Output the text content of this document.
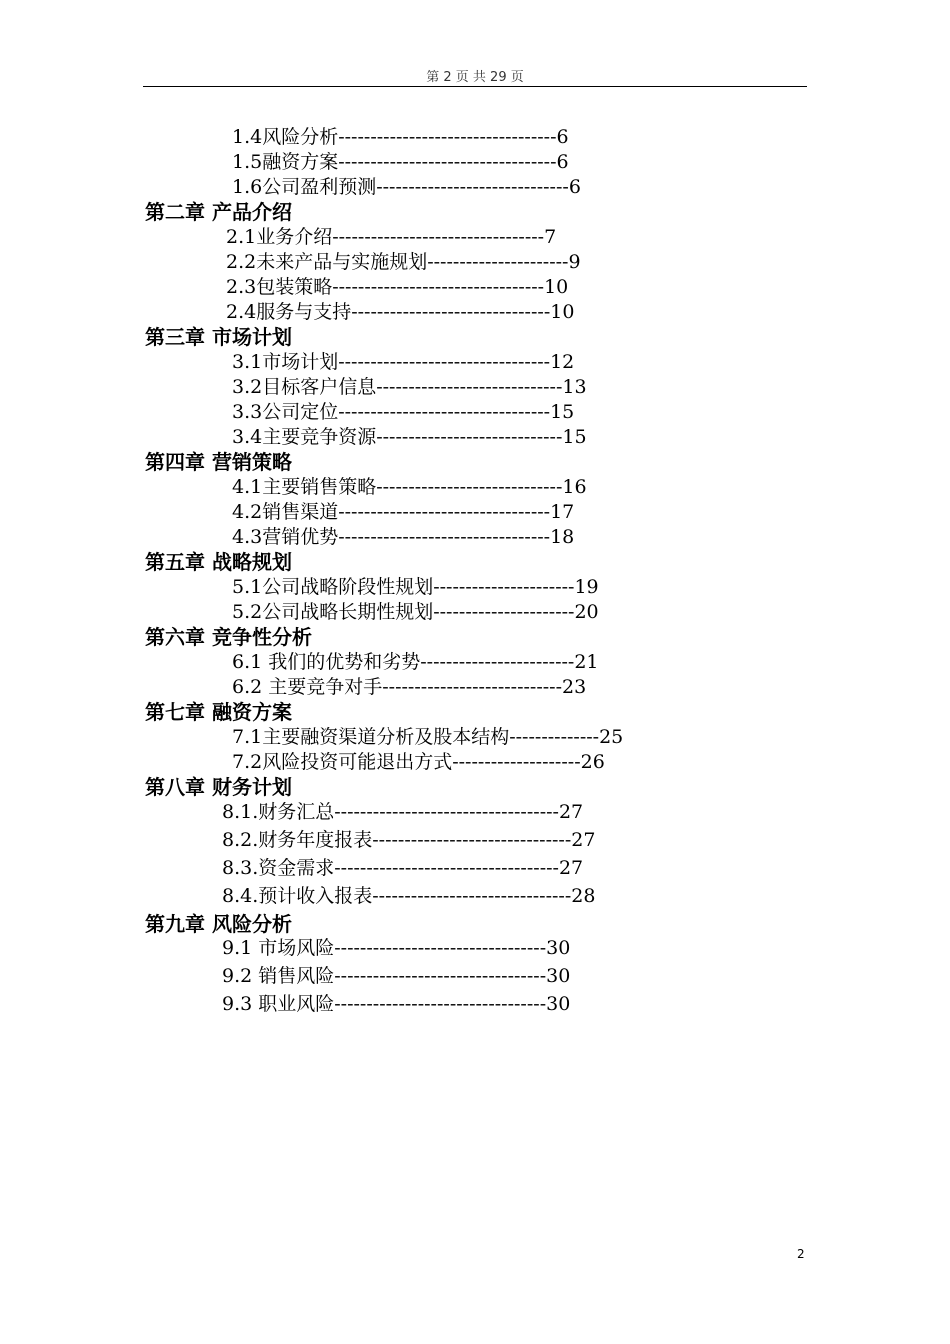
第 2 页 共 29 页
1.4风险分析----------------------------------6
1.5融资方案----------------------------------6
1.6公司盈利预测------------------------------6
第二章 产品介绍
2.1业务介绍---------------------------------7
2.2未来产品与实施规划----------------------9
2.3包装策略---------------------------------10
2.4服务与支持-------------------------------10
第三章 市场计划
3.1市场计划---------------------------------12
3.2目标客户信息-----------------------------13
3.3公司定位---------------------------------15
3.4主要竞争资源-----------------------------15
第四章 营销策略
4.1主要销售策略-----------------------------16
4.2销售渠道---------------------------------17
4.3营销优势---------------------------------18
第五章 战略规划
5.1公司战略阶段性规划----------------------19
5.2公司战略长期性规划----------------------20
第六章 竞争性分析
6.1 我们的优势和劣势------------------------21
6.2 主要竞争对手----------------------------23
第七章 融资方案
7.1主要融资渠道分析及股本结构--------------25
7.2风险投资可能退出方式--------------------26
第八章 财务计划
8.1.财务汇总-----------------------------------27
8.2.财务年度报表-------------------------------27
8.3.资金需求-----------------------------------27
8.4.预计收入报表-------------------------------28
第九章 风险分析
9.1 市场风险---------------------------------30
9.2 销售风险---------------------------------30
9.3 职业风险---------------------------------30
2
